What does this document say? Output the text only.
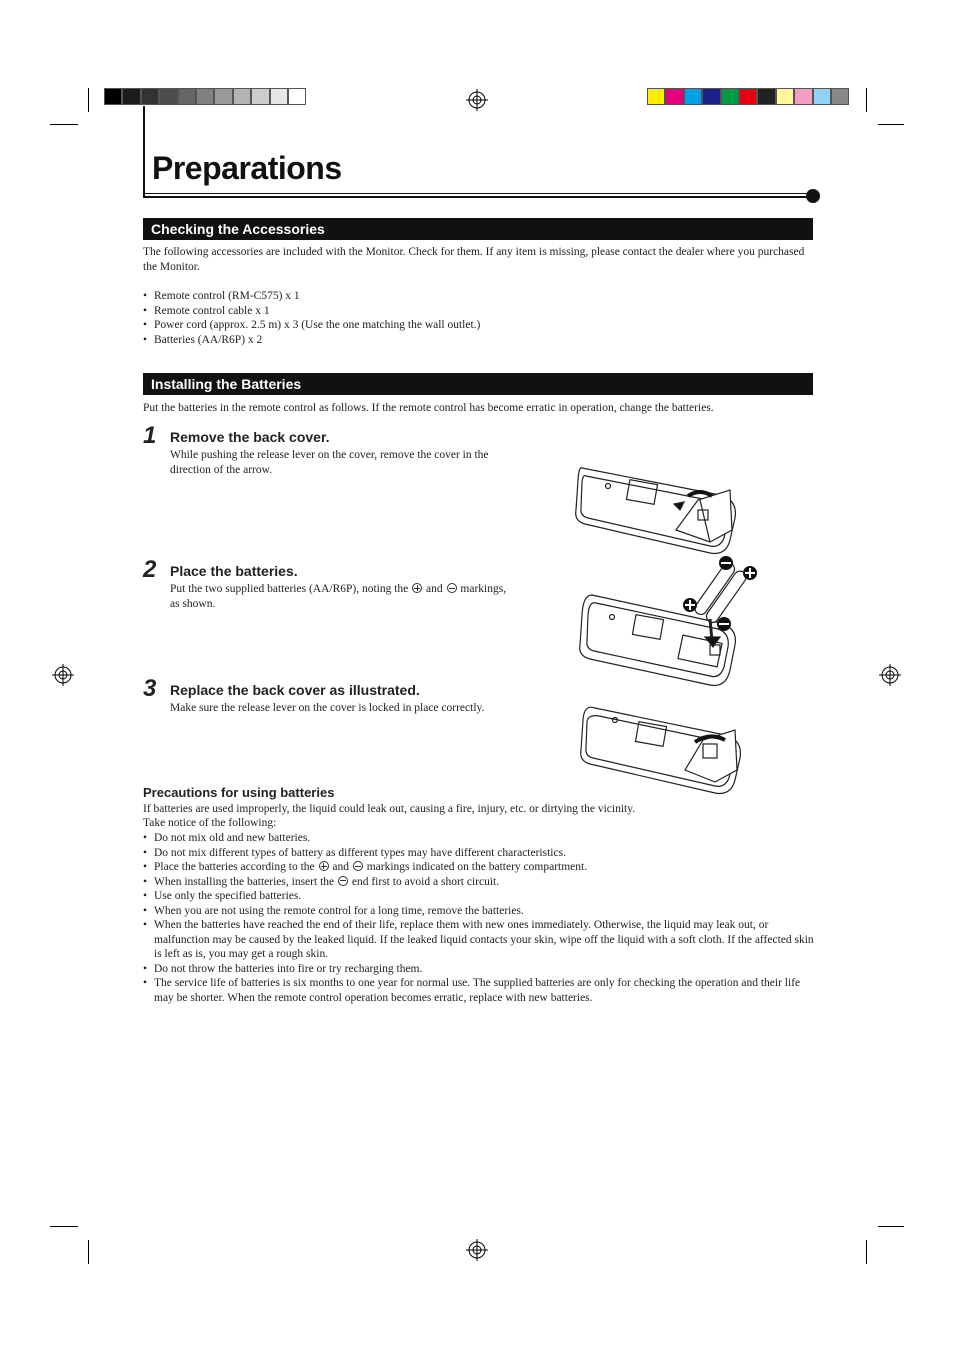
Preparations
Checking the Accessories
The following accessories are included with the Monitor. Check for them. If any item is missing, please contact the dealer where you purchased the Monitor.
• Remote control (RM-C575) x 1
• Remote control cable x 1
• Power cord (approx. 2.5 m) x 3 (Use the one matching the wall outlet.)
• Batteries (AA/R6P) x 2
Installing the Batteries
Put the batteries in the remote control as follows. If the remote control has become erratic in operation, change the batteries.
1 Remove the back cover.
While pushing the release lever on the cover, remove the cover in the direction of the arrow.
2 Place the batteries.
Put the two supplied batteries (AA/R6P), noting the and markings, as shown.
3 Replace the back cover as illustrated.
Make sure the release lever on the cover is locked in place correctly.
Precautions for using batteries
If batteries are used improperly, the liquid could leak out, causing a fire, injury, etc. or dirtying the vicinity.
Take notice of the following:
• Do not mix old and new batteries.
• Do not mix different types of battery as different types may have different characteristics.
• Place the batteries according to the and markings indicated on the battery compartment.
• When installing the batteries, insert the end first to avoid a short circuit.
• Use only the specified batteries.
• When you are not using the remote control for a long time, remove the batteries.
• When the batteries have reached the end of their life, replace them with new ones immediately. Otherwise, the liquid may leak out, or malfunction may be caused by the leaked liquid. If the leaked liquid contacts your skin, wipe off the liquid with a soft cloth. If the affected skin is left as is, you may get a rough skin.
• Do not throw the batteries into fire or try recharging them.
• The service life of batteries is six months to one year for normal use. The supplied batteries are only for checking the operation and their life may be shorter. When the remote control operation becomes erratic, replace with new batteries.
